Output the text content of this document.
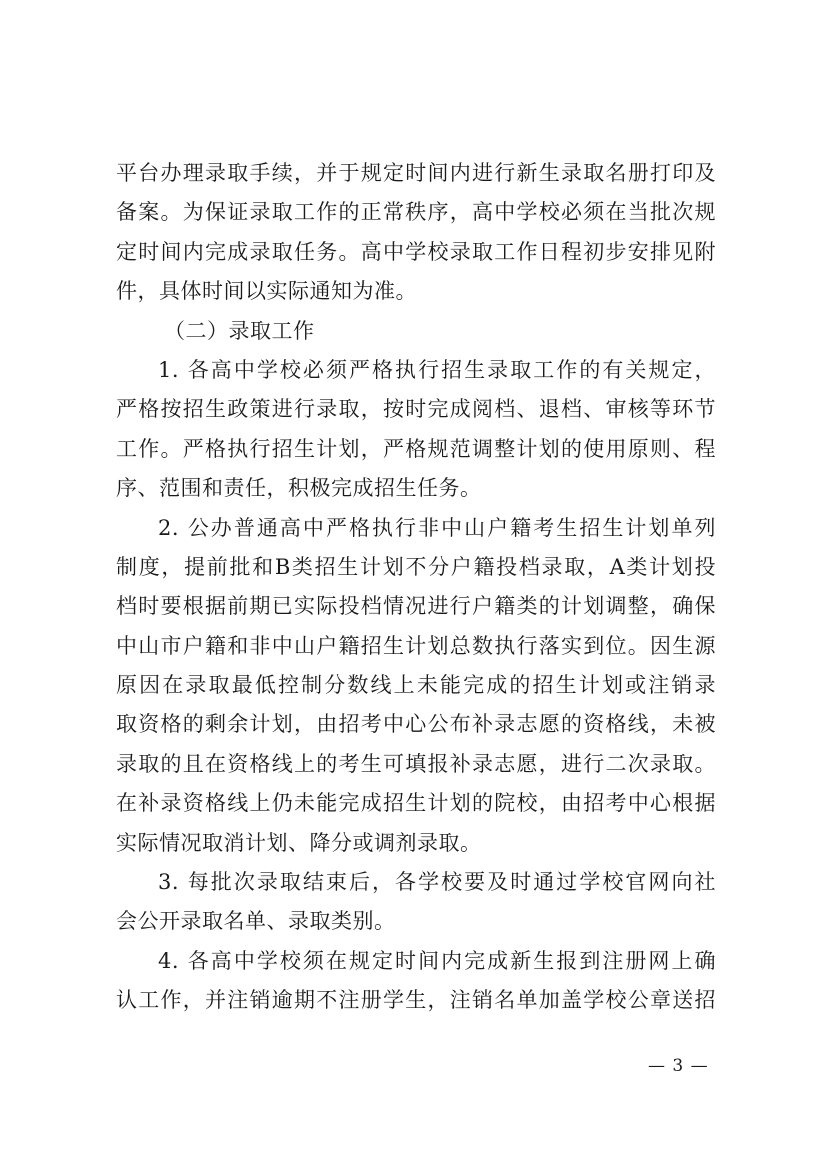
平台办理录取手续，并于规定时间内进行新生录取名册打印及
备案。为保证录取工作的正常秩序，高中学校必须在当批次规
定时间内完成录取任务。高中学校录取工作日程初步安排见附
件，具体时间以实际通知为准。
（二）录取工作
1. 各高中学校必须严格执行招生录取工作的有关规定，
严格按招生政策进行录取，按时完成阅档、退档、审核等环节
工作。严格执行招生计划，严格规范调整计划的使用原则、程
序、范围和责任，积极完成招生任务。
2. 公办普通高中严格执行非中山户籍考生招生计划单列
制度，提前批和B类招生计划不分户籍投档录取，A类计划投
档时要根据前期已实际投档情况进行户籍类的计划调整，确保
中山市户籍和非中山户籍招生计划总数执行落实到位。因生源
原因在录取最低控制分数线上未能完成的招生计划或注销录
取资格的剩余计划，由招考中心公布补录志愿的资格线，未被
录取的且在资格线上的考生可填报补录志愿，进行二次录取。
在补录资格线上仍未能完成招生计划的院校，由招考中心根据
实际情况取消计划、降分或调剂录取。
3. 每批次录取结束后，各学校要及时通过学校官网向社
会公开录取名单、录取类别。
4. 各高中学校须在规定时间内完成新生报到注册网上确
认工作，并注销逾期不注册学生，注销名单加盖学校公章送招
— 3 —
